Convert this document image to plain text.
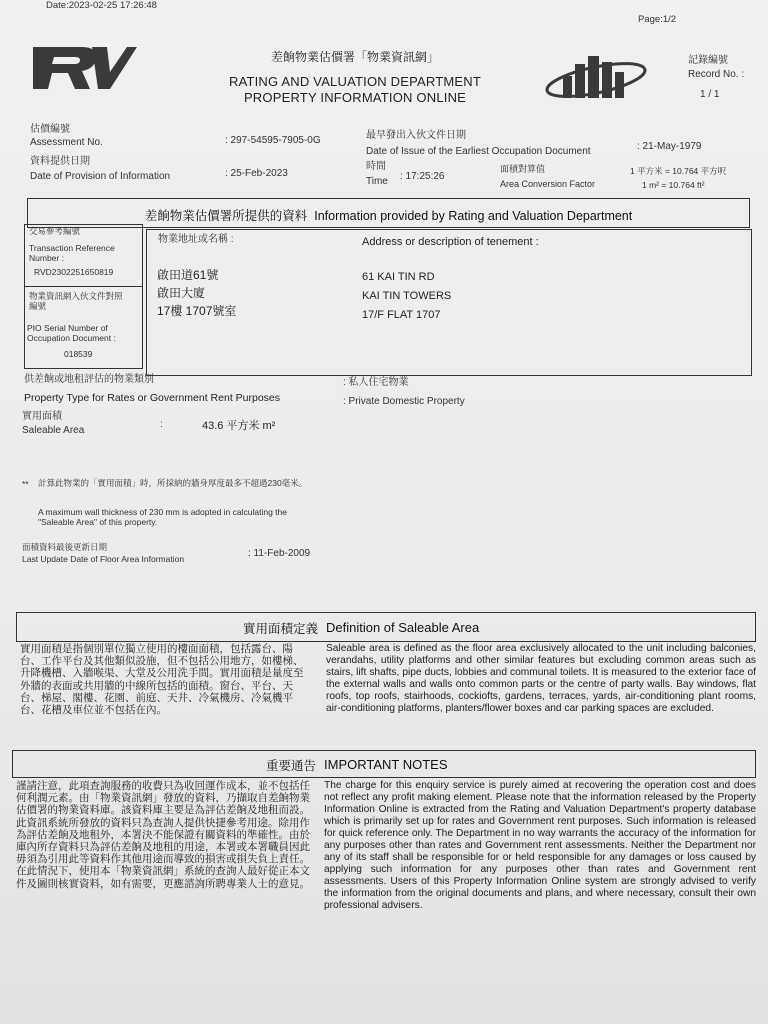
Date:2023-02-25 17:26:48
Page:1/2
差餉物業估價署「物業資訊網」
RATING AND VALUATION DEPARTMENT
PROPERTY INFORMATION ONLINE
記錄編號
Record No. :
1 / 1
估價編號
Assessment No.	: 297-54595-7905-0G
資料提供日期
Date of Provision of Information	: 25-Feb-2023
最早發出入伙文件日期
Date of Issue of the Earliest Occupation Document	: 21-May-1979
時間
Time : 17:25:26
面積對算值
Area Conversion Factor
1 平方米 = 10.764 平方呎
1 m² = 10.764 ft²
差餉物業估價署所提供的資料 Information provided by Rating and Valuation Department
交易參考編號
Transaction Reference Number :
RVD230225165081​9
物業資訊網入伙文件對照編號
PIO Serial Number of Occupation Document :
018539
物業地址或名稱 :	Address or description of tenement :
啟田道61號
啟田大廈
17樓 1707號室
61 KAI TIN RD
KAI TIN TOWERS
17/F FLAT 1707
供差餉或地租評估的物業類別
Property Type for Rates or Government Rent Purposes
: 私人住宅物業
: Private Domestic Property
實用面積
Saleable Area
:	43.6 平方米 m²
** 計算此物業的「實用面積」時，所採納的牆身厚度最多不超過230毫米。
A maximum wall thickness of 230 mm is adopted in calculating the "Saleable Area" of this property.
面積資料最後更新日期
Last Update Date of Floor Area Information	: 11-Feb-2009
實用面積定義 Definition of Saleable Area
實用面積是指個別單位獨立使用的樓面面積，包括露台、陽台、工作平台及其他類似設施，但不包括公用地方，如樓梯、升降機槽、入牆喉渠、大堂及公用洗手間。實用面積是量度至外牆的表面或共用牆的中線所包括的面積。窗台、平台、天台、梯屋、閣樓、花園、前庭、天井、冷氣機房、冷氣機平台、花槽及車位並不包括在內。
Saleable area is defined as the floor area exclusively allocated to the unit including balconies, verandahs, utility platforms and other similar features but excluding common areas such as stairs, lift shafts, pipe ducts, lobbies and communal toilets. It is measured to the exterior face of the external walls and walls onto common parts or the centre of party walls. Bay windows, flat roofs, top roofs, stairhoods, cockiofts, gardens, terraces, yards, air-conditioning plant rooms, air-conditioning platforms, planters/flower boxes and car parking spaces are excluded.
重要通告 IMPORTANT NOTES
謹請注意，此項查詢服務的收費只為收回運作成本，並不包括任何利潤元素。由「物業資訊網」發放的資料，乃擷取自差餉物業估價署的物業資料庫。該資料庫主要是為評估差餉及地租而設。此資訊系統所發放的資料只為查詢人提供快捷參考用途。除用作為評估差餉及地租外，本署決不能保證有關資料的準確性。由於庫內所存資料只為評估差餉及地租的用途，本署或本署職員因此毋須為引用此等資料作其他用途而導致的損害或損失負上責任。在此情況下，使用本「物業資訊網」系統的查詢人最好從正本文件及圖則核實資料，如有需要，更應諮詢所聘專業人士的意見。
The charge for this enquiry service is purely aimed at recovering the operation cost and does not reflect any profit making element. Please note that the information released by the Property Information Online is extracted from the Rating and Valuation Department's property database which is primarily set up for rates and Government rent purposes. Such information is released for quick reference only. The Department in no way warrants the accuracy of the information for any purposes other than rates and Government rent assessments. Neither the Department nor any of its staff shall be responsible for or held responsible for any damages or loss caused by applying such information for any purposes other than rates and Government rent assessments. Users of this Property Information Online system are strongly advised to verify the information from the original documents and plans, and where necessary, consult their own professional advisers.
